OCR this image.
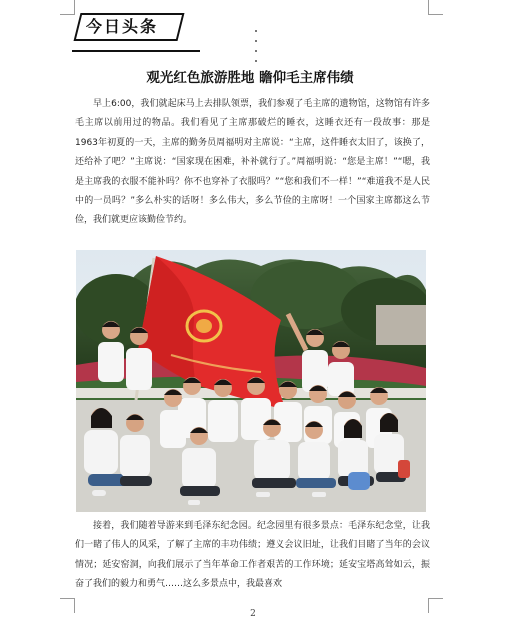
今日头条
观光红色旅游胜地 瞻仰毛主席伟绩

早上6:00，我们就起床马上去排队领票，我们参观了毛主席的遗物馆，这物馆有许多毛主席以前用过的物品。我们看见了主席那破烂的睡衣，这睡衣还有一段故事：那是1963年初夏的一天，主席的勤务员周福明对主席说：“主席，这件睡衣太旧了，该换了，还给补了吧？”主席说：“国家现在困难，补补就行了。”周福明说：“您是主席！”“嗯，我是主席我的衣服不能补吗？你不也穿补了衣服吗？”“您和我们不一样！”“难道我不是人民中的一员吗？”多么朴实的话呀！多么伟大，多么节俭的主席呀！一个国家主席都这么节俭，我们就更应该勤俭节约。

接着，我们随着导游来到毛泽东纪念园。纪念园里有很多景点：毛泽东纪念堂，让我们一睹了伟人的风采，了解了主席的丰功伟绩；遵义会议旧址，让我们目睹了当年的会议情况；延安窑洞，向我们展示了当年革命工作者艰苦的工作环境；延安宝塔高耸如云，振奋了我们的毅力和勇气……这么多景点中，我最喜欢

2
